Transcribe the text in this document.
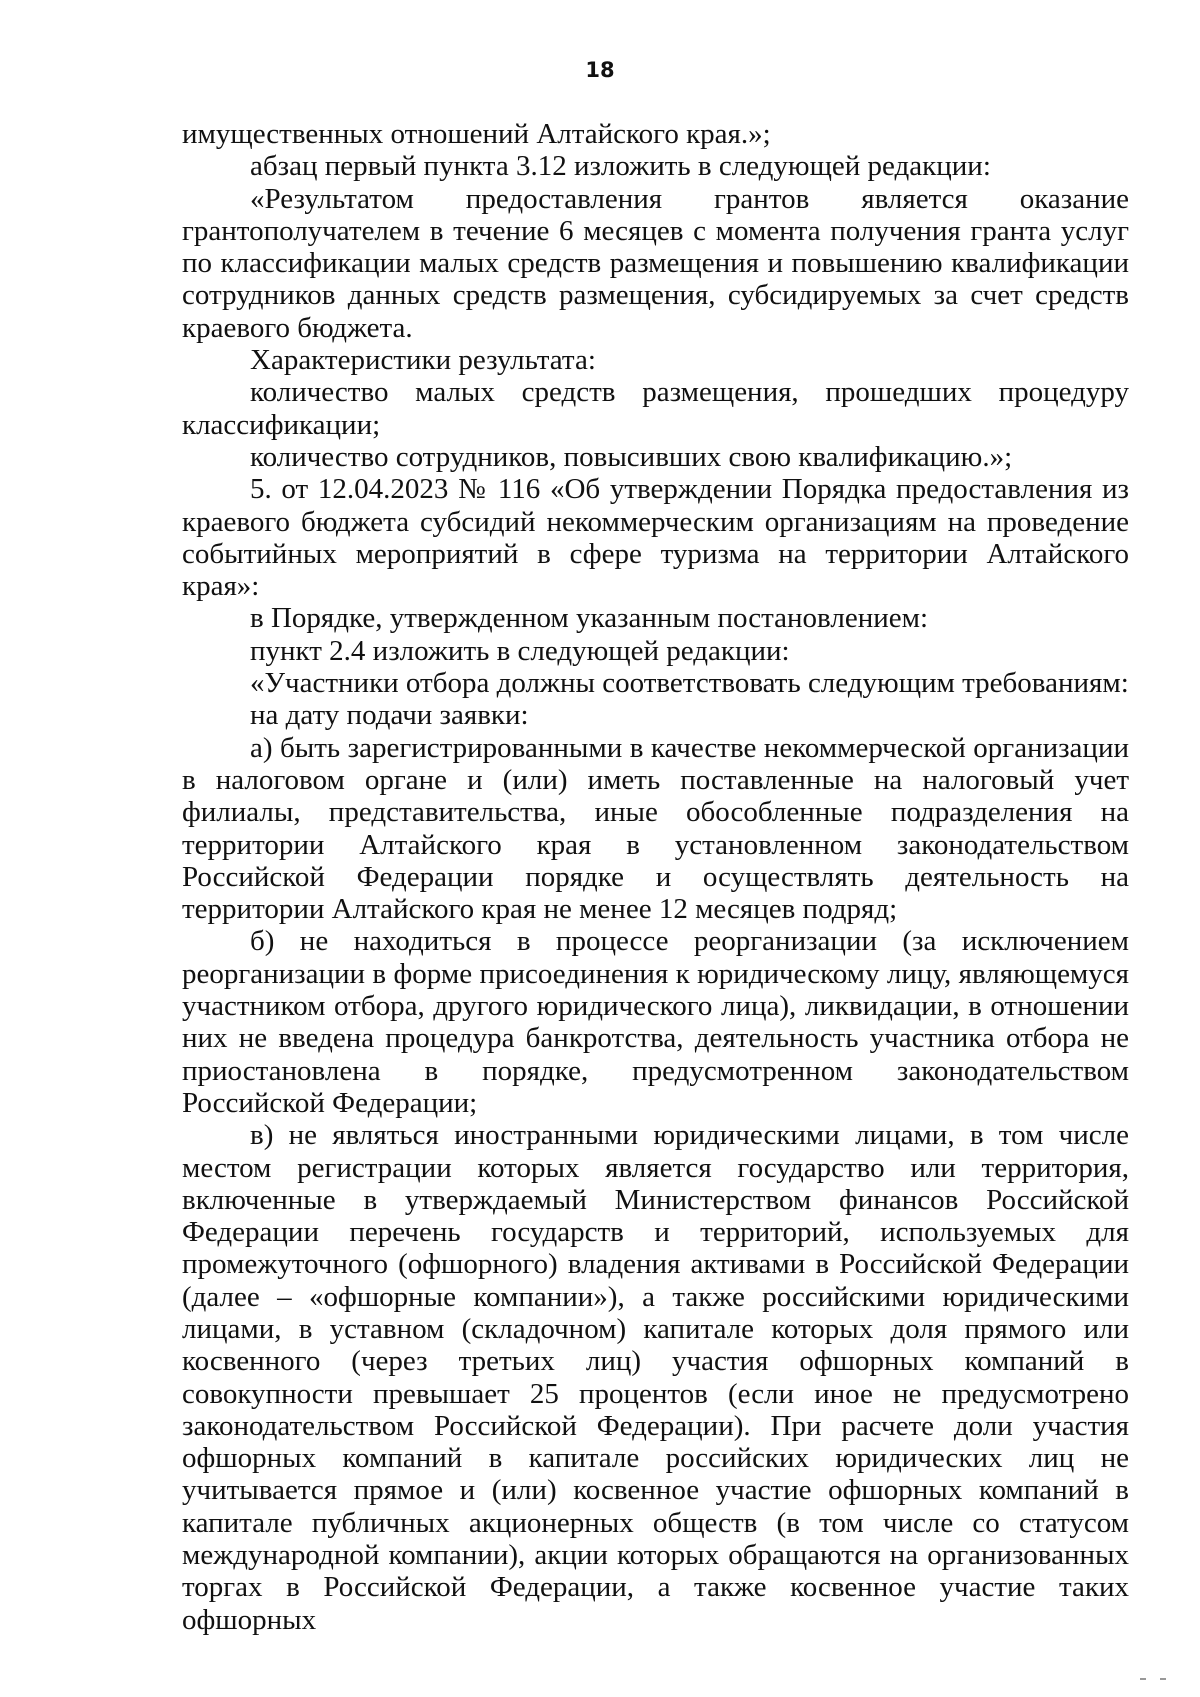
18

имущественных отношений Алтайского края.»;

абзац первый пункта 3.12 изложить в следующей редакции:

«Результатом предоставления грантов является оказание грантополучателем в течение 6 месяцев с момента получения гранта услуг по классификации малых средств размещения и повышению квалификации сотрудников данных средств размещения, субсидируемых за счет средств краевого бюджета.

Характеристики результата:

количество малых средств размещения, прошедших процедуру классификации;

количество сотрудников, повысивших свою квалификацию.»;

5. от 12.04.2023 № 116 «Об утверждении Порядка предоставления из краевого бюджета субсидий некоммерческим организациям на проведение событийных мероприятий в сфере туризма на территории Алтайского края»:

в Порядке, утвержденном указанным постановлением:

пункт 2.4 изложить в следующей редакции:

«Участники отбора должны соответствовать следующим требованиям:

на дату подачи заявки:

а) быть зарегистрированными в качестве некоммерческой организации в налоговом органе и (или) иметь поставленные на налоговый учет филиалы, представительства, иные обособленные подразделения на территории Алтайского края в установленном законодательством Российской Федерации порядке и осуществлять деятельность на территории Алтайского края не менее 12 месяцев подряд;

б) не находиться в процессе реорганизации (за исключением реорганизации в форме присоединения к юридическому лицу, являющемуся участником отбора, другого юридического лица), ликвидации, в отношении них не введена процедура банкротства, деятельность участника отбора не приостановлена в порядке, предусмотренном законодательством Российской Федерации;

в) не являться иностранными юридическими лицами, в том числе местом регистрации которых является государство или территория, включенные в утверждаемый Министерством финансов Российской Федерации перечень государств и территорий, используемых для промежуточного (офшорного) владения активами в Российской Федерации (далее – «офшорные компании»), а также российскими юридическими лицами, в уставном (складочном) капитале которых доля прямого или косвенного (через третьих лиц) участия офшорных компаний в совокупности превышает 25 процентов (если иное не предусмотрено законодательством Российской Федерации). При расчете доли участия офшорных компаний в капитале российских юридических лиц не учитывается прямое и (или) косвенное участие офшорных компаний в капитале публичных акционерных обществ (в том числе со статусом международной компании), акции которых обращаются на организованных торгах в Российской Федерации, а также косвенное участие таких офшорных
